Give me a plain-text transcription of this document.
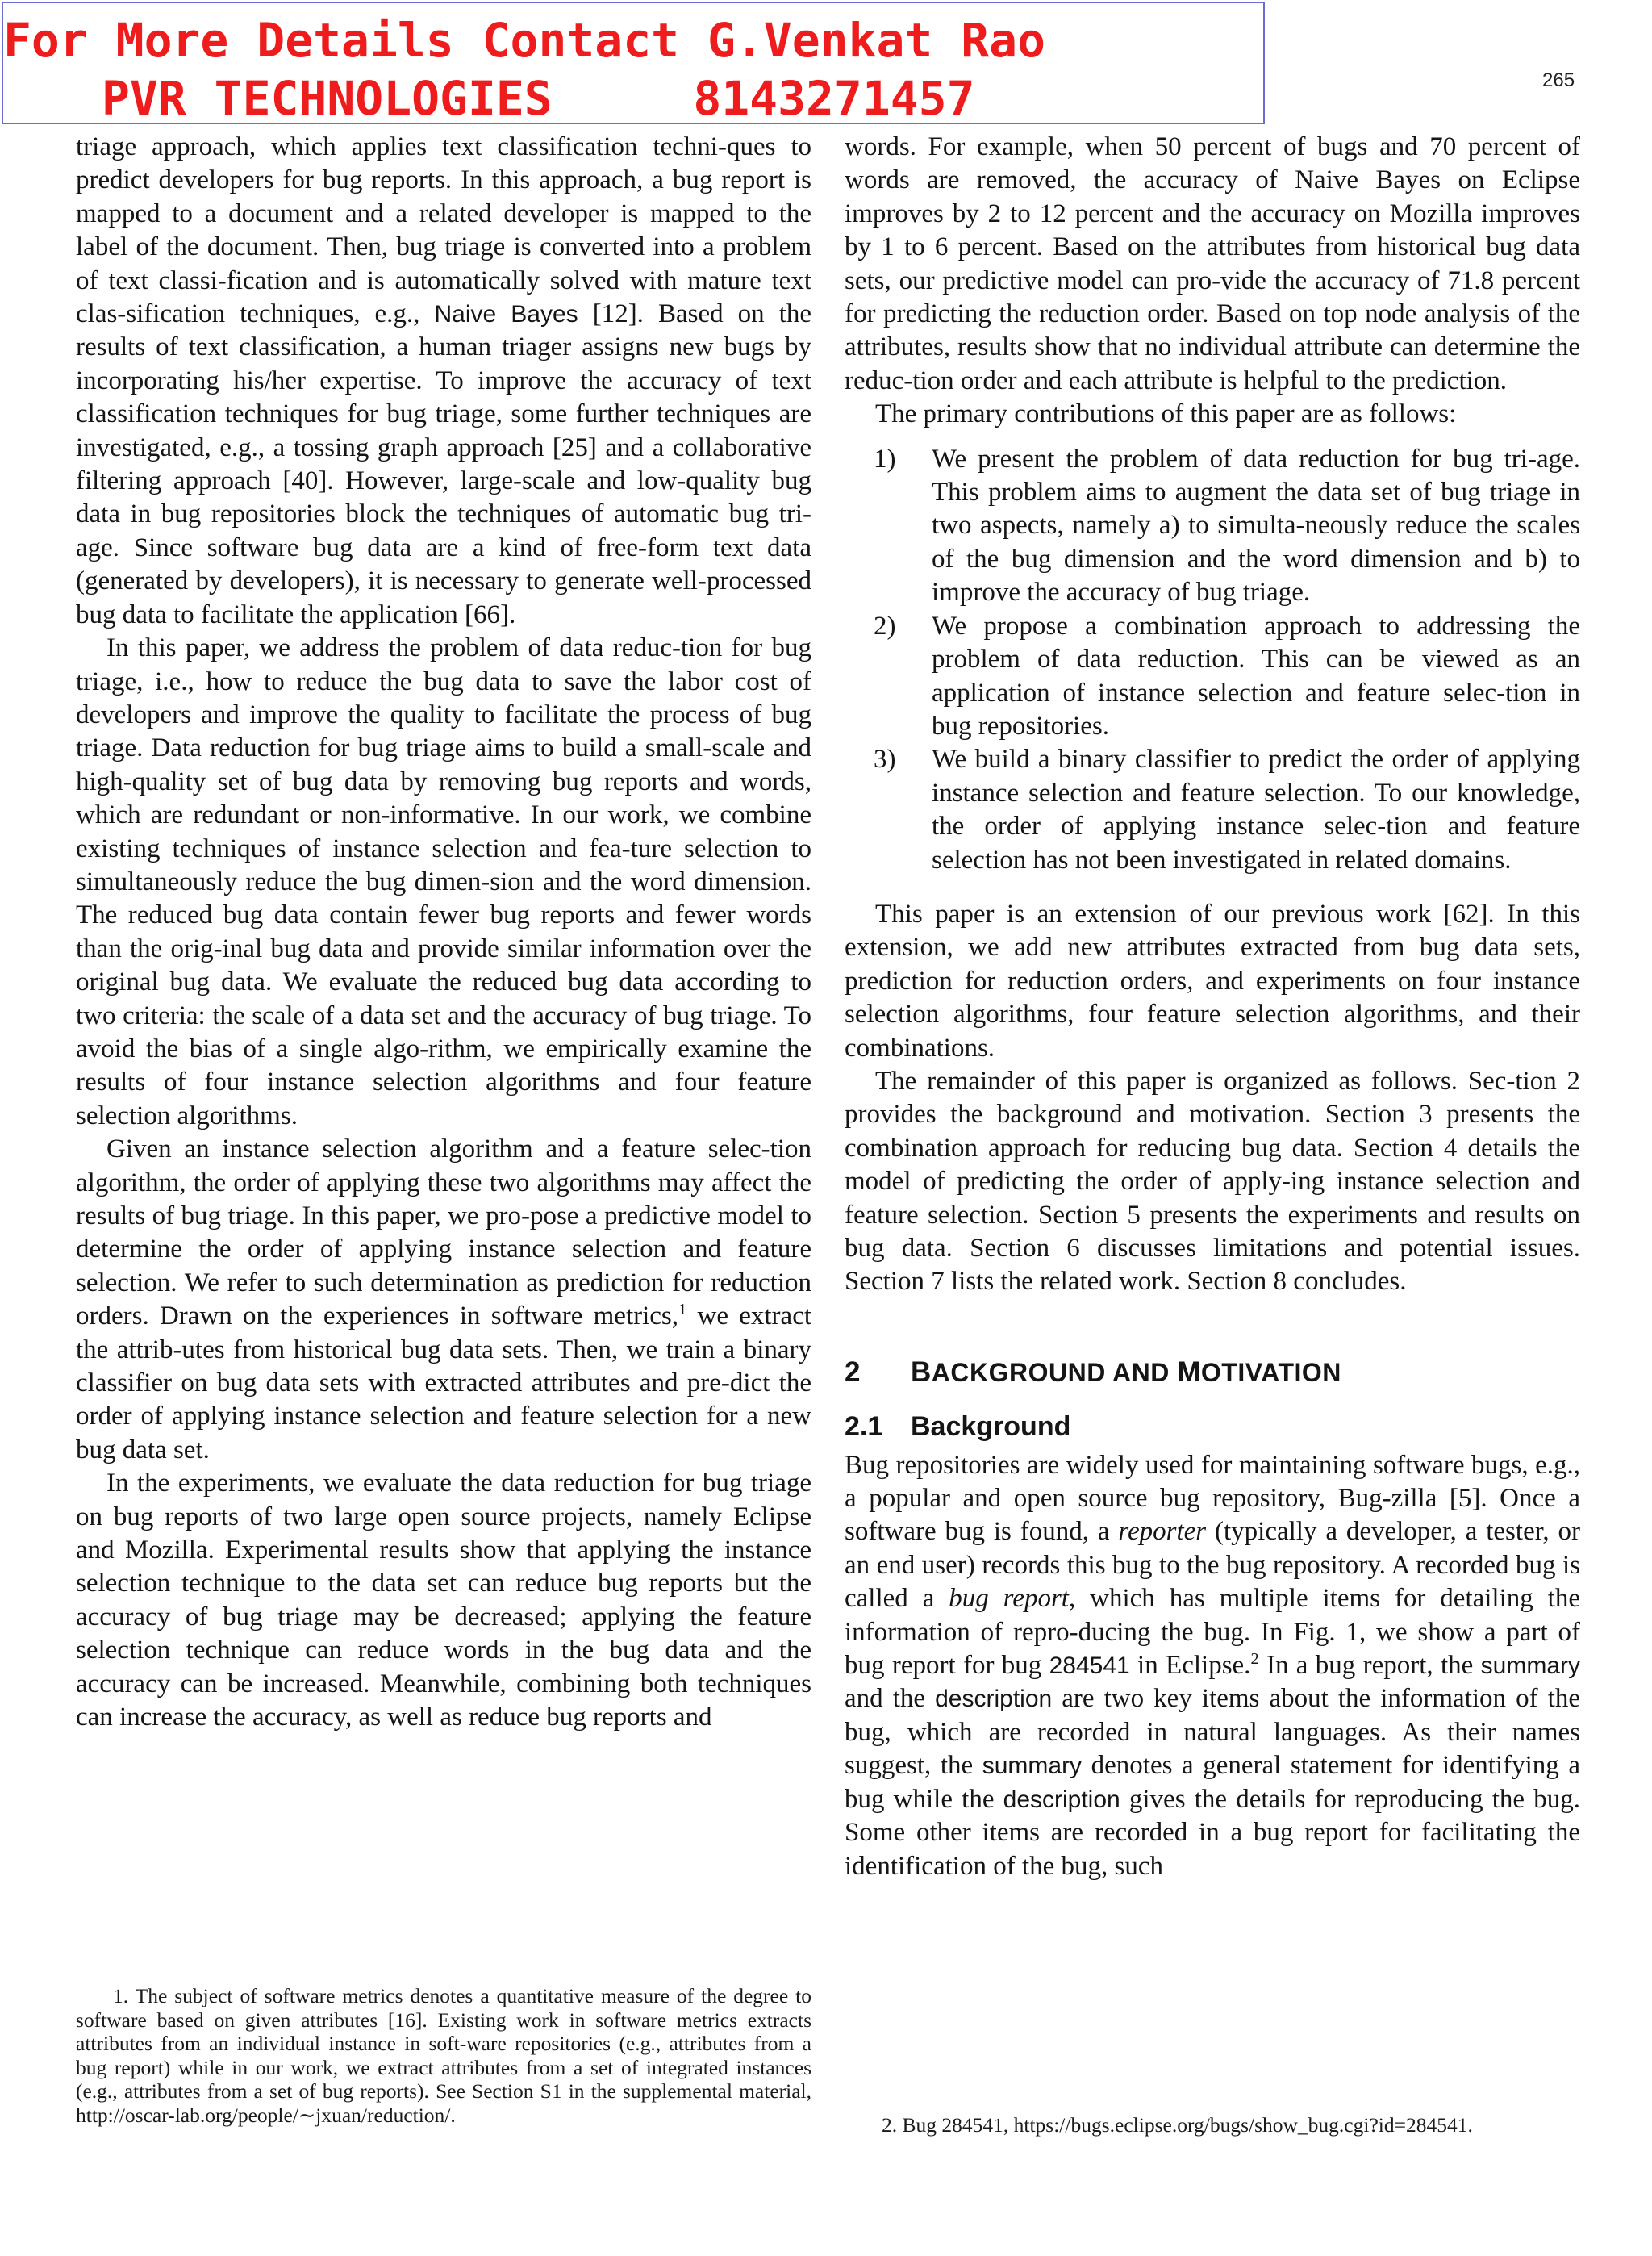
For More Details Contact G.Venkat Rao
PVR TECHNOLOGIES	8143271457	265

triage approach, which applies text classification techni-ques to predict developers for bug reports. In this approach, a bug report is mapped to a document and a related developer is mapped to the label of the document. Then, bug triage is converted into a problem of text classi-fication and is automatically solved with mature text clas-sification techniques, e.g., Naive Bayes [12]. Based on the results of text classification, a human triager assigns new bugs by incorporating his/her expertise. To improve the accuracy of text classification techniques for bug triage, some further techniques are investigated, e.g., a tossing graph approach [25] and a collaborative filtering approach [40]. However, large-scale and low-quality bug data in bug repositories block the techniques of automatic bug tri-age. Since software bug data are a kind of free-form text data (generated by developers), it is necessary to generate well-processed bug data to facilitate the application [66].

In this paper, we address the problem of data reduc-tion for bug triage, i.e., how to reduce the bug data to save the labor cost of developers and improve the quality to facilitate the process of bug triage. Data reduction for bug triage aims to build a small-scale and high-quality set of bug data by removing bug reports and words, which are redundant or non-informative. In our work, we combine existing techniques of instance selection and fea-ture selection to simultaneously reduce the bug dimen-sion and the word dimension. The reduced bug data contain fewer bug reports and fewer words than the orig-inal bug data and provide similar information over the original bug data. We evaluate the reduced bug data according to two criteria: the scale of a data set and the accuracy of bug triage. To avoid the bias of a single algo-rithm, we empirically examine the results of four instance selection algorithms and four feature selection algorithms.

Given an instance selection algorithm and a feature selec-tion algorithm, the order of applying these two algorithms may affect the results of bug triage. In this paper, we pro-pose a predictive model to determine the order of applying instance selection and feature selection. We refer to such determination as prediction for reduction orders. Drawn on the experiences in software metrics,$^1$ we extract the attrib-utes from historical bug data sets. Then, we train a binary classifier on bug data sets with extracted attributes and pre-dict the order of applying instance selection and feature selection for a new bug data set.

In the experiments, we evaluate the data reduction for bug triage on bug reports of two large open source projects, namely Eclipse and Mozilla. Experimental results show that applying the instance selection technique to the data set can reduce bug reports but the accuracy of bug triage may be decreased; applying the feature selection technique can reduce words in the bug data and the accuracy can be increased. Meanwhile, combining both techniques can increase the accuracy, as well as reduce bug reports and

1. The subject of software metrics denotes a quantitative measure of the degree to software based on given attributes [16]. Existing work in software metrics extracts attributes from an individual instance in soft-ware repositories (e.g., attributes from a bug report) while in our work, we extract attributes from a set of integrated instances (e.g., attributes from a set of bug reports). See Section S1 in the supplemental material, http://oscar-lab.org/people/∼jxuan/reduction/.

words. For example, when 50 percent of bugs and 70 percent of words are removed, the accuracy of Naive Bayes on Eclipse improves by 2 to 12 percent and the accuracy on Mozilla improves by 1 to 6 percent. Based on the attributes from historical bug data sets, our predictive model can pro-vide the accuracy of 71.8 percent for predicting the reduction order. Based on top node analysis of the attributes, results show that no individual attribute can determine the reduc-tion order and each attribute is helpful to the prediction.

The primary contributions of this paper are as follows:

1) We present the problem of data reduction for bug tri-age. This problem aims to augment the data set of bug triage in two aspects, namely a) to simulta-neously reduce the scales of the bug dimension and the word dimension and b) to improve the accuracy of bug triage.
2) We propose a combination approach to addressing the problem of data reduction. This can be viewed as an application of instance selection and feature selec-tion in bug repositories.
3) We build a binary classifier to predict the order of applying instance selection and feature selection. To our knowledge, the order of applying instance selec-tion and feature selection has not been investigated in related domains.

This paper is an extension of our previous work [62]. In this extension, we add new attributes extracted from bug data sets, prediction for reduction orders, and experiments on four instance selection algorithms, four feature selection algorithms, and their combinations.

The remainder of this paper is organized as follows. Sec-tion 2 provides the background and motivation. Section 3 presents the combination approach for reducing bug data. Section 4 details the model of predicting the order of apply-ing instance selection and feature selection. Section 5 presents the experiments and results on bug data. Section 6 discusses limitations and potential issues. Section 7 lists the related work. Section 8 concludes.

2 BACKGROUND AND MOTIVATION

2.1 Background

Bug repositories are widely used for maintaining software bugs, e.g., a popular and open source bug repository, Bug-zilla [5]. Once a software bug is found, a reporter (typically a developer, a tester, or an end user) records this bug to the bug repository. A recorded bug is called a bug report, which has multiple items for detailing the information of repro-ducing the bug. In Fig. 1, we show a part of bug report for bug 284541 in Eclipse.$^2$ In a bug report, the summary and the description are two key items about the information of the bug, which are recorded in natural languages. As their names suggest, the summary denotes a general statement for identifying a bug while the description gives the details for reproducing the bug. Some other items are recorded in a bug report for facilitating the identification of the bug, such

2. Bug 284541, https://bugs.eclipse.org/bugs/show_bug.cgi?id=284541.
